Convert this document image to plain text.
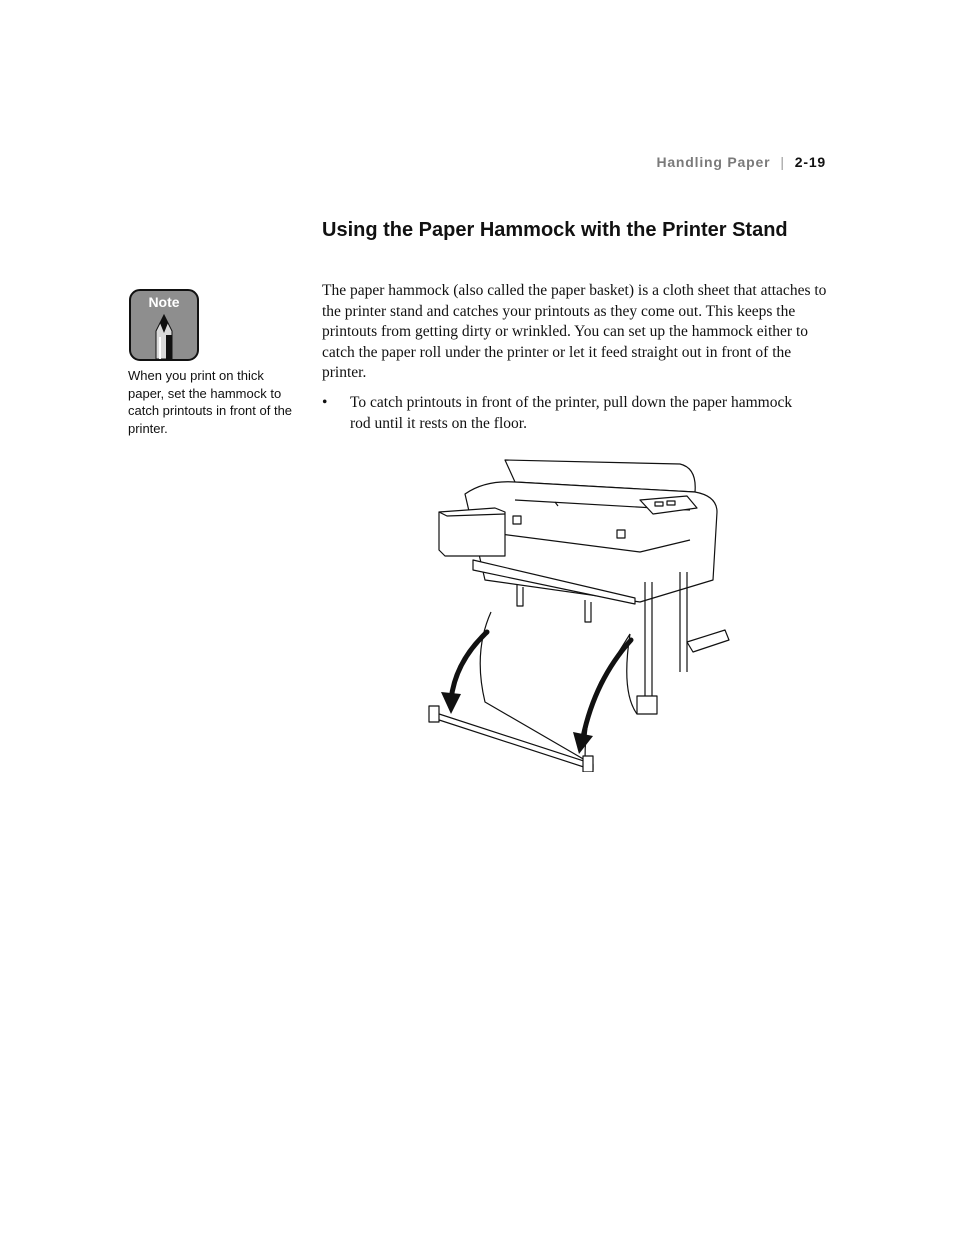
Handling Paper | 2-19
Using the Paper Hammock with the Printer Stand
Note

When you print on thick paper, set the hammock to catch printouts in front of the printer.

The paper hammock (also called the paper basket) is a cloth sheet that attaches to the printer stand and catches your printouts as they come out. This keeps the printouts from getting dirty or wrinkled. You can set up the hammock either to catch the paper roll under the printer or let it feed straight out in front of the printer.

•	To catch printouts in front of the printer, pull down the paper hammock rod until it rests on the floor.
